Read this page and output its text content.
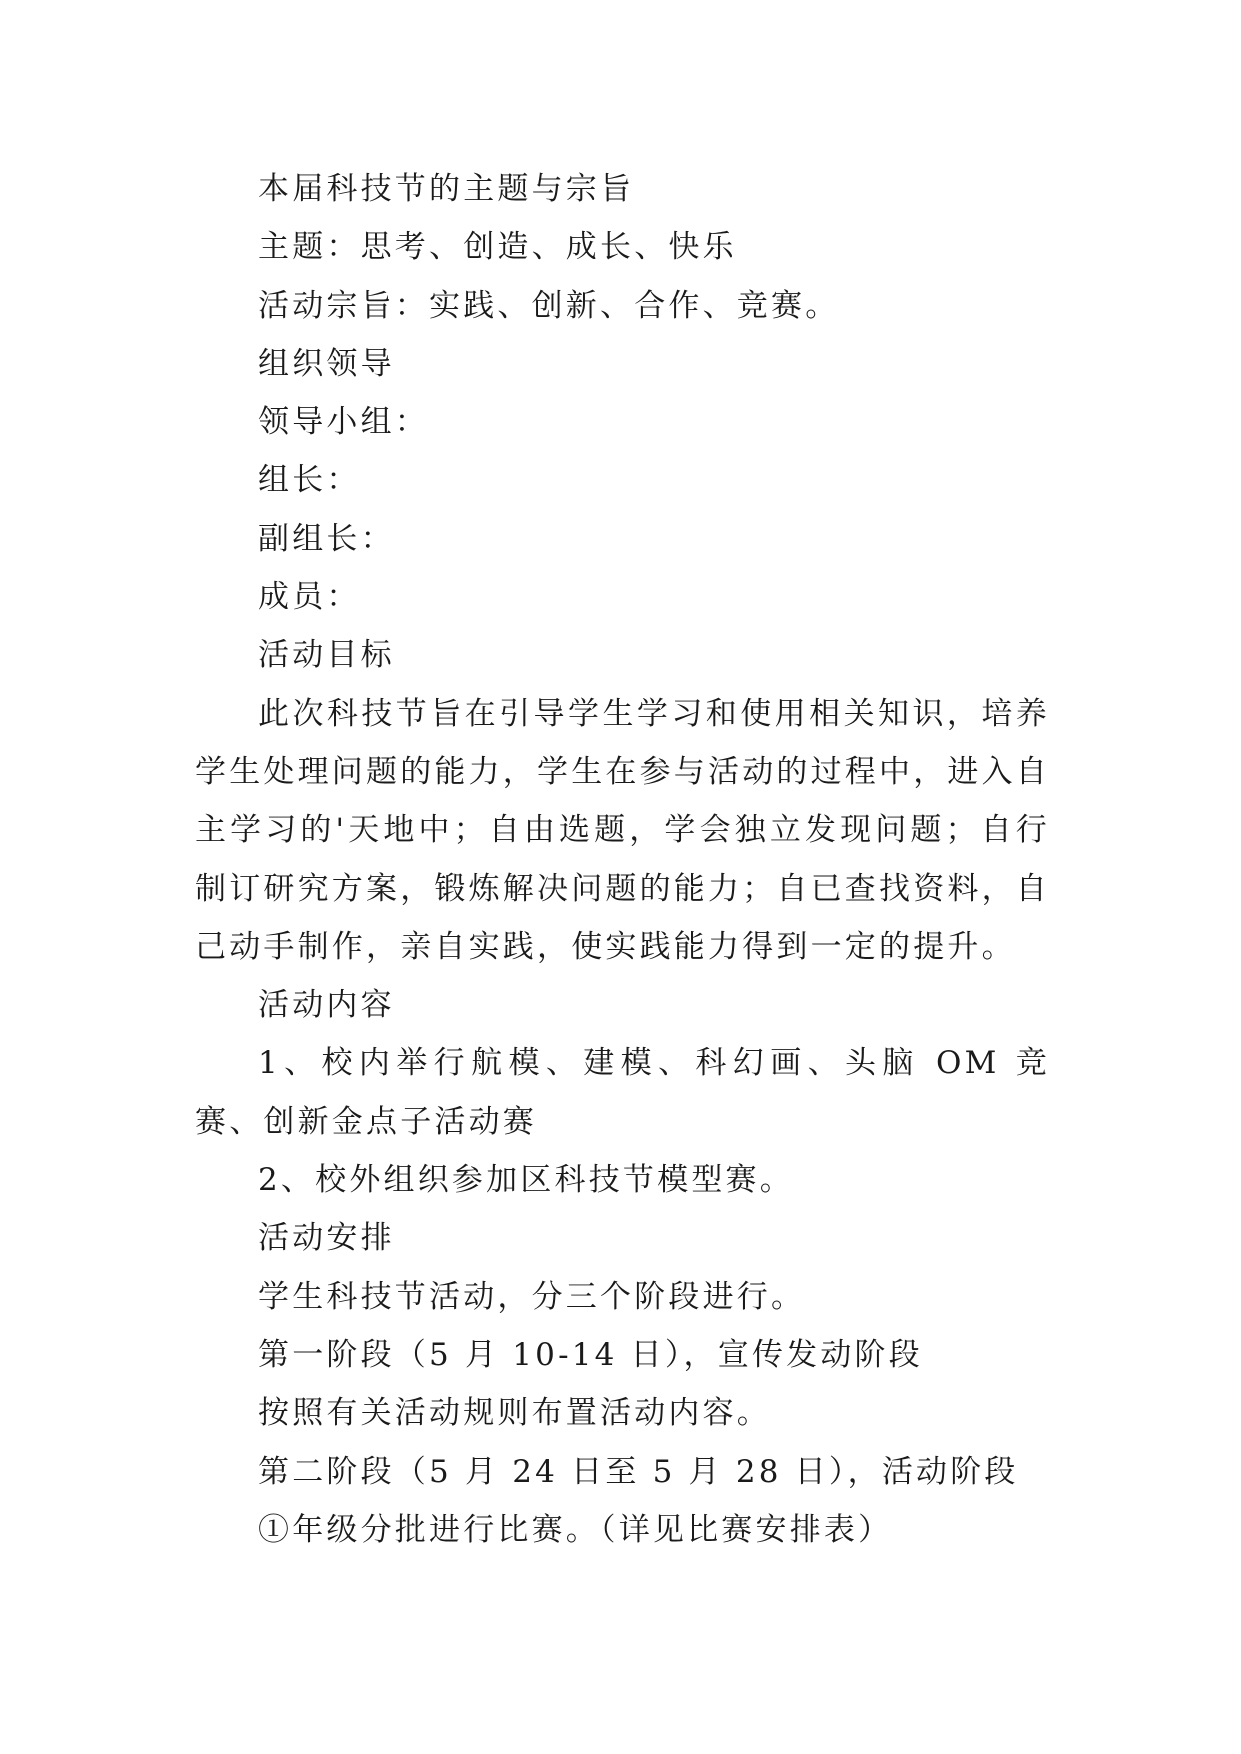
本届科技节的主题与宗旨

主题：思考、创造、成长、快乐

活动宗旨：实践、创新、合作、竞赛。

组织领导

领导小组：

组长：

副组长：

成员：

活动目标

此次科技节旨在引导学生学习和使用相关知识，培养学生处理问题的能力，学生在参与活动的过程中，进入自主学习的'天地中；自由选题，学会独立发现问题；自行制订研究方案，锻炼解决问题的能力；自已查找资料，自己动手制作，亲自实践，使实践能力得到一定的提升。

活动内容

1、校内举行航模、建模、科幻画、头脑 OM 竞赛、创新金点子活动赛

2、校外组织参加区科技节模型赛。

活动安排

学生科技节活动，分三个阶段进行。

第一阶段（5 月 10-14 日），宣传发动阶段

按照有关活动规则布置活动内容。

第二阶段（5 月 24 日至 5 月 28 日），活动阶段

①年级分批进行比赛。（详见比赛安排表）
